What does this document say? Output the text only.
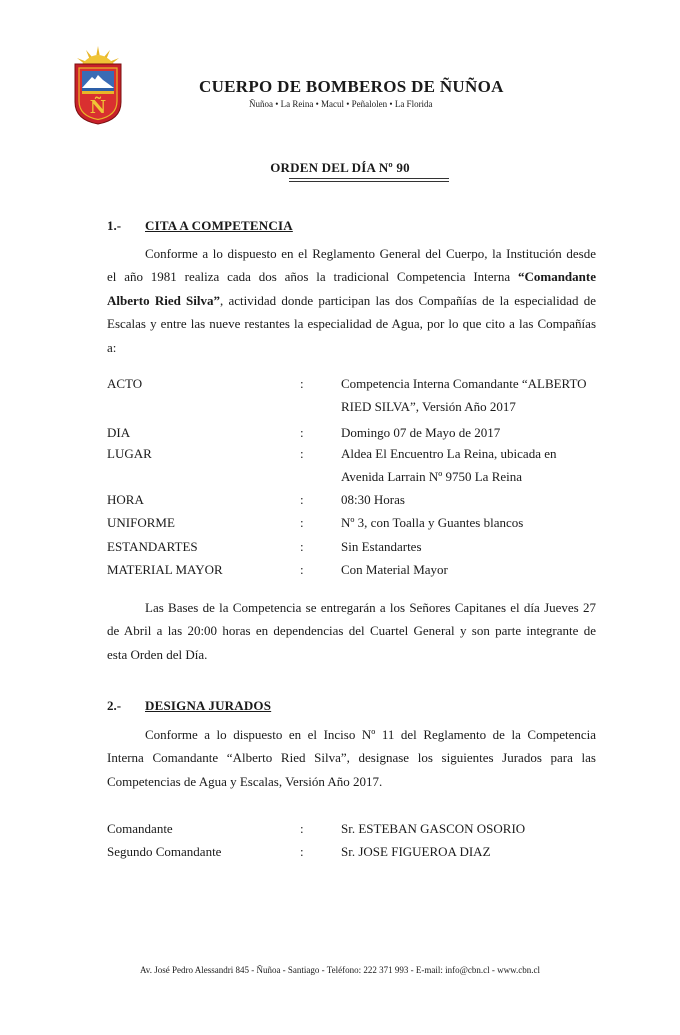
Ñ
CUERPO DE BOMBEROS DE ÑUÑOA
Ñuñoa • La Reina • Macul • Peñalolen • La Florida
ORDEN DEL DÍA Nº 90
1.- CITA A COMPETENCIA
Conforme a lo dispuesto en el Reglamento General del Cuerpo, la Institución desde
el año 1981 realiza cada dos años la tradicional Competencia Interna “Comandante
Alberto Ried Silva”, actividad donde participan las dos Compañías de la especialidad de
Escalas y entre las nueve restantes la especialidad de Agua, por lo que cito a las Compañías
a:
ACTO	:	Competencia Interna Comandante “ALBERTO RIED SILVA”, Versión Año 2017
DIA	:	Domingo 07 de Mayo de 2017
LUGAR	:	Aldea El Encuentro La Reina, ubicada en Avenida Larrain Nº 9750 La Reina
HORA	:	08:30 Horas
UNIFORME	:	Nº 3, con Toalla y Guantes blancos
ESTANDARTES	:	Sin Estandartes
MATERIAL MAYOR	:	Con Material Mayor
Las Bases de la Competencia se entregarán a los Señores Capitanes el día Jueves 27
de Abril a las 20:00 horas en dependencias del Cuartel General y son parte integrante de
esta Orden del Día.
2.- DESIGNA JURADOS
Conforme a lo dispuesto en el Inciso Nº 11 del Reglamento de la Competencia
Interna Comandante “Alberto Ried Silva”, designase los siguientes Jurados para las
Competencias de Agua y Escalas, Versión Año 2017.
Comandante	:	Sr. ESTEBAN GASCON OSORIO
Segundo Comandante	:	Sr. JOSE FIGUEROA DIAZ
Av. José Pedro Alessandri 845 - Ñuñoa - Santiago - Teléfono: 222 371 993 - E-mail: info@cbn.cl - www.cbn.cl
